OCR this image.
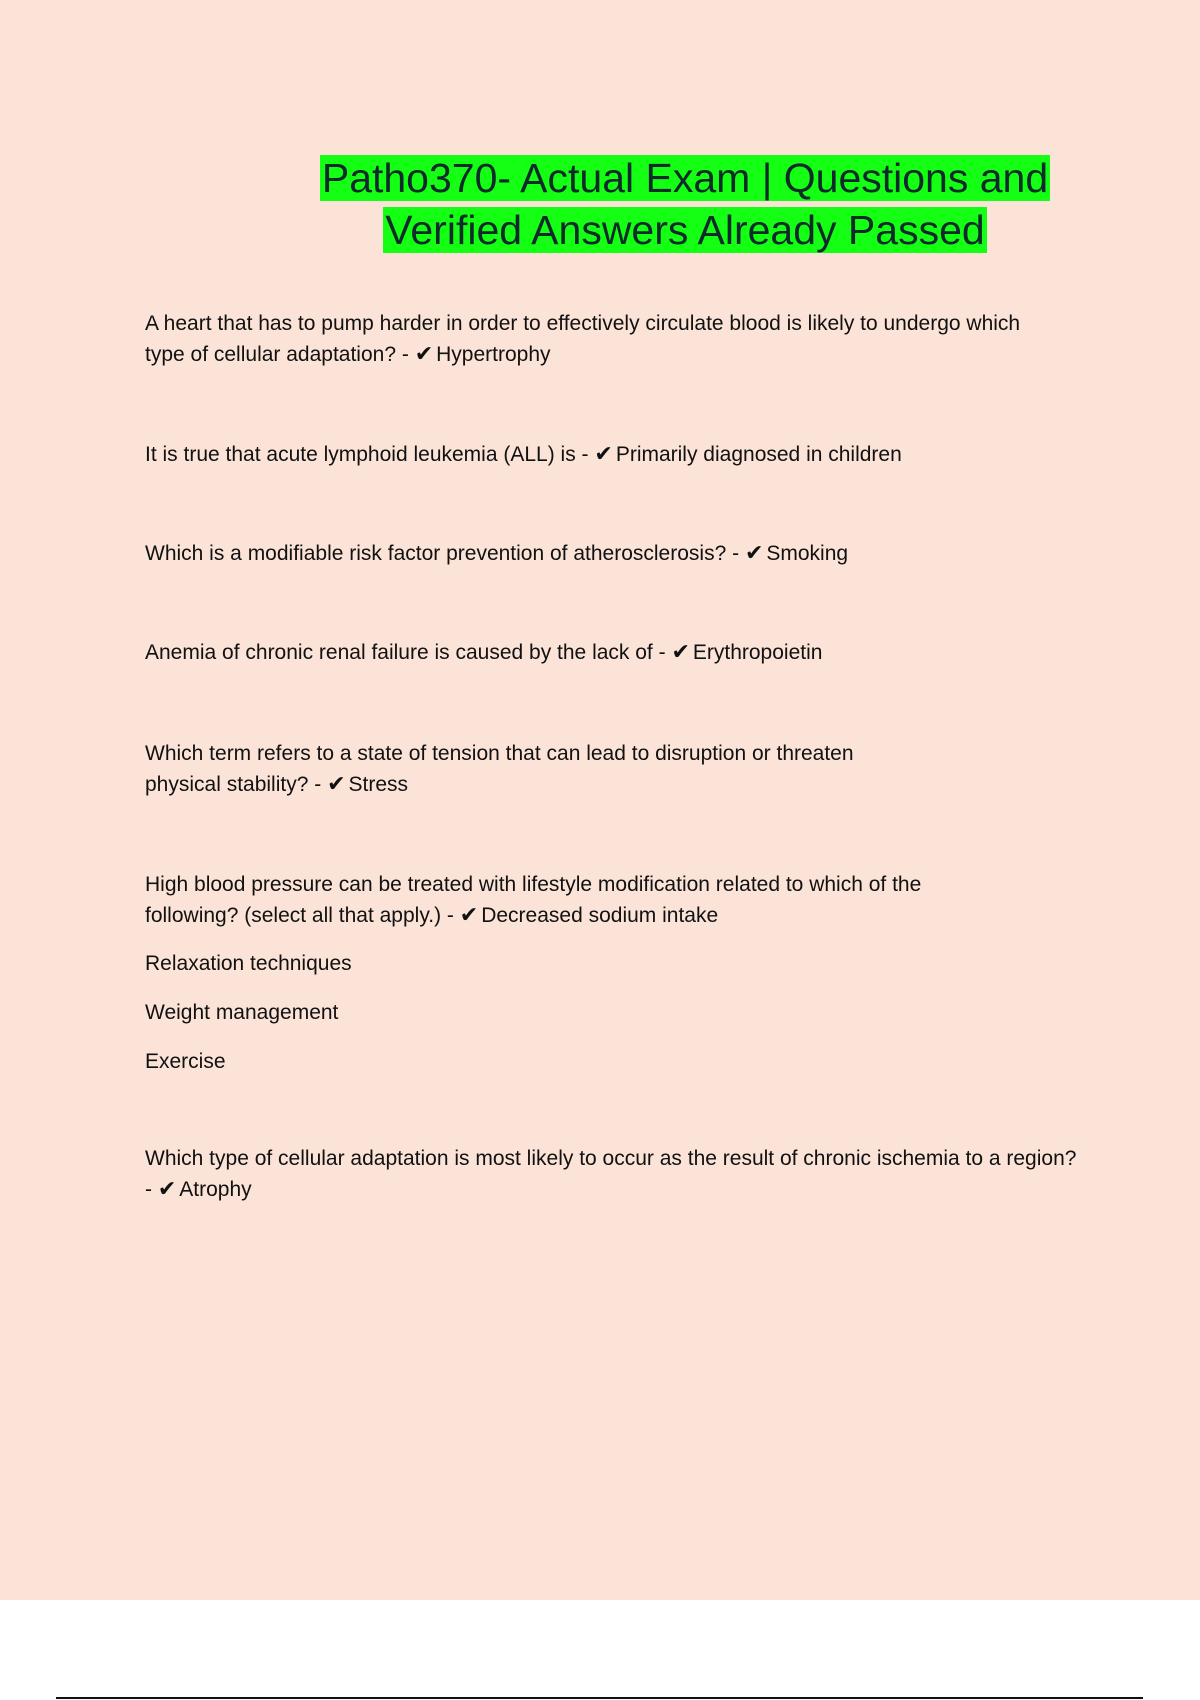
Patho370- Actual Exam | Questions and
Verified Answers Already Passed
A heart that has to pump harder in order to effectively circulate blood is likely to undergo which type of cellular adaptation? - ✔ Hypertrophy
It is true that acute lymphoid leukemia (ALL) is - ✔ Primarily diagnosed in children
Which is a modifiable risk factor prevention of atherosclerosis? - ✔ Smoking
Anemia of chronic renal failure is caused by the lack of - ✔ Erythropoietin
Which term refers to a state of tension that can lead to disruption or threaten physical stability? - ✔ Stress
High blood pressure can be treated with lifestyle modification related to which of the following? (select all that apply.) - ✔ Decreased sodium intake
Relaxation techniques
Weight management
Exercise
Which type of cellular adaptation is most likely to occur as the result of chronic ischemia to a region? - ✔ Atrophy
